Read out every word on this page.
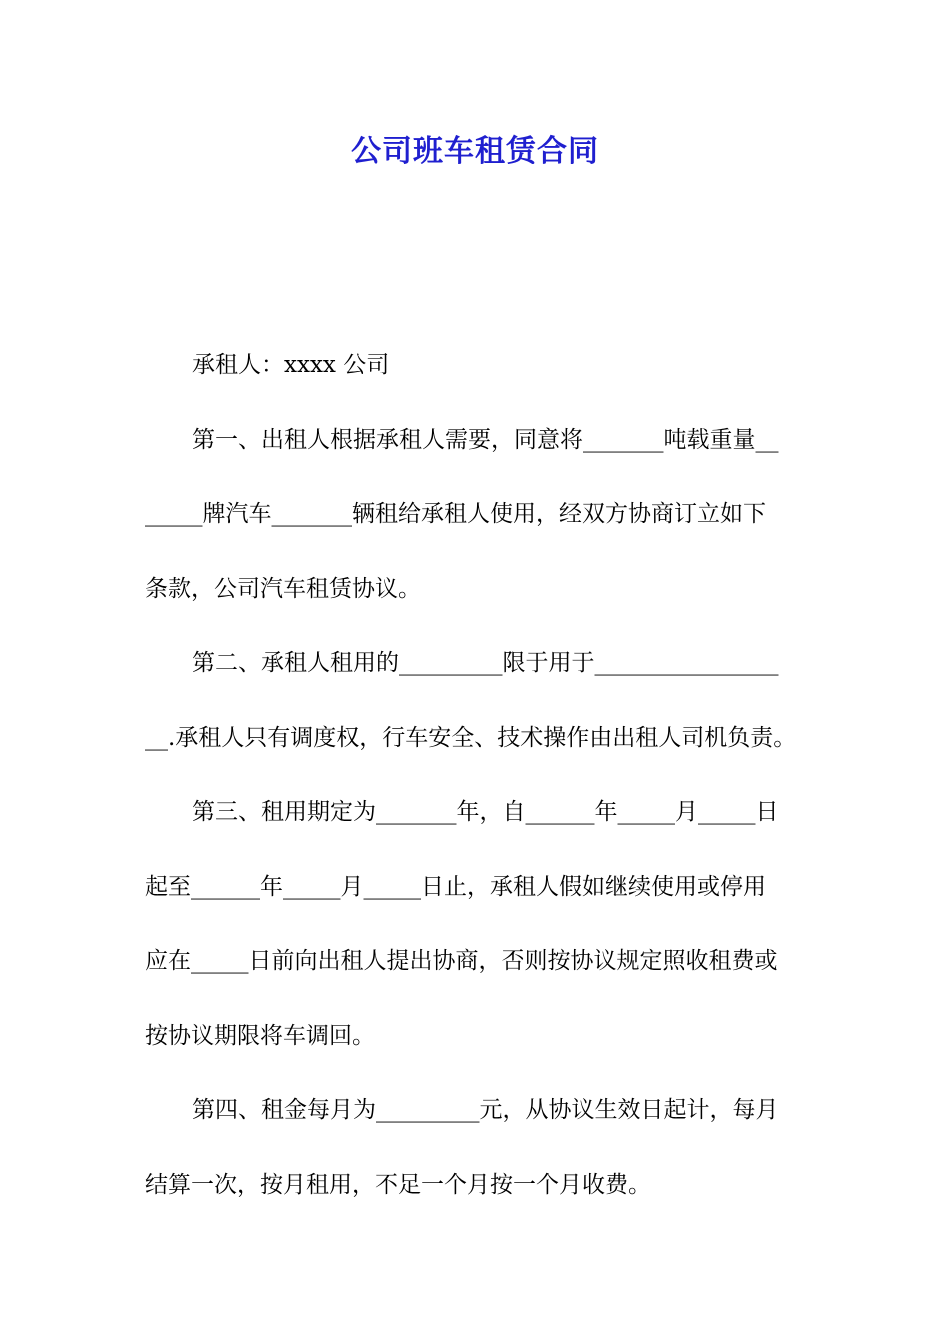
公司班车租赁合同
承租人：xxxx 公司
第一、出租人根据承租人需要，同意将_______吨载重量__
_____牌汽车_______辆租给承租人使用，经双方协商订立如下
条款，公司汽车租赁协议。
第二、承租人租用的_________限于用于________________
__.承租人只有调度权，行车安全、技术操作由出租人司机负责。
第三、租用期定为_______年，自______年_____月_____日
起至______年_____月_____日止，承租人假如继续使用或停用
应在_____日前向出租人提出协商，否则按协议规定照收租费或
按协议期限将车调回。
第四、租金每月为_________元，从协议生效日起计，每月
结算一次，按月租用，不足一个月按一个月收费。
